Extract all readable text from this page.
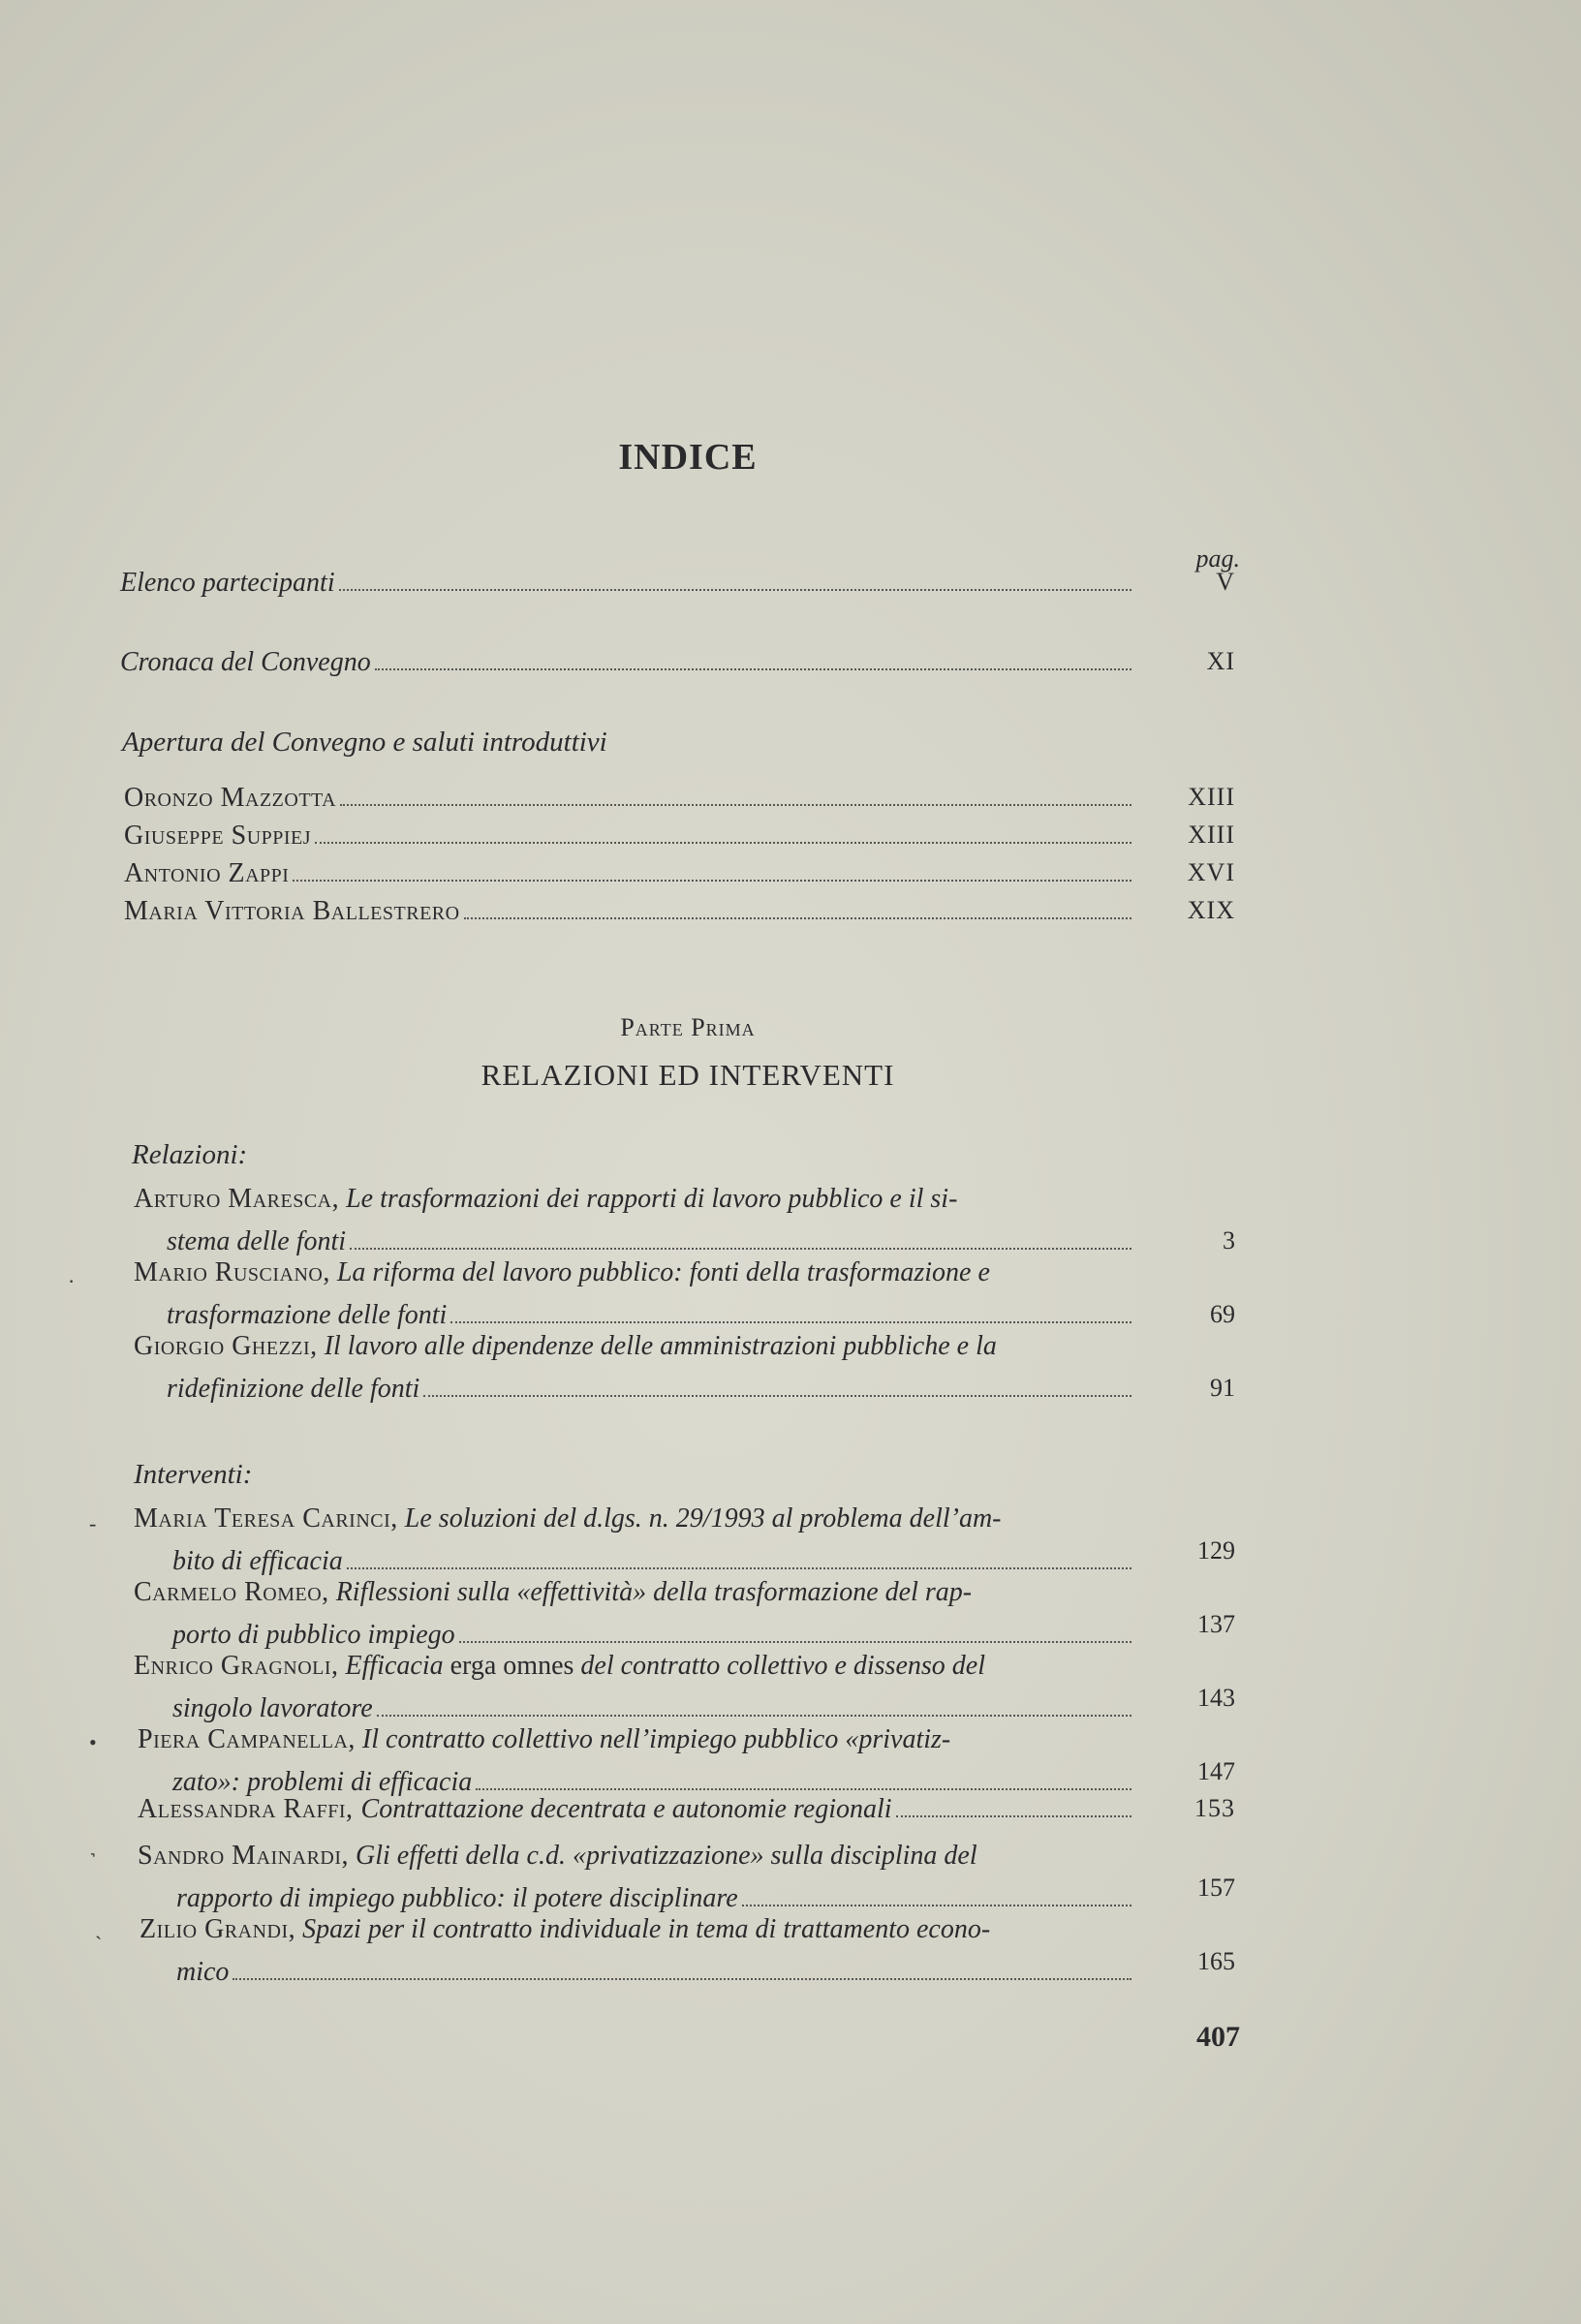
INDICE
pag.
Elenco partecipanti	V
Cronaca del Convegno	XI
Apertura del Convegno e saluti introduttivi
Oronzo Mazzotta	XIII
Giuseppe Suppiej	XIII
Antonio Zappi	XVI
Maria Vittoria Ballestrero	XIX
Parte Prima
RELAZIONI ED INTERVENTI
Relazioni:
Arturo Maresca, Le trasformazioni dei rapporti di lavoro pubblico e il si-
stema delle fonti	3
· Mario Rusciano, La riforma del lavoro pubblico: fonti della trasformazione e
trasformazione delle fonti	69
Giorgio Ghezzi, Il lavoro alle dipendenze delle amministrazioni pubbliche e la
ridefinizione delle fonti	91
Interventi:
- Maria Teresa Carinci, Le soluzioni del d.lgs. n. 29/1993 al problema dell’am-
bito di efficacia	129
Carmelo Romeo, Riflessioni sulla «effettività» della trasformazione del rap-
porto di pubblico impiego	137
Enrico Gragnoli, Efficacia erga omnes del contratto collettivo e dissenso del
singolo lavoratore	143
• Piera Campanella, Il contratto collettivo nell’impiego pubblico «privatiz-
zato»: problemi di efficacia	147
Alessandra Raffi, Contrattazione decentrata e autonomie regionali	153
˺ Sandro Mainardi, Gli effetti della c.d. «privatizzazione» sulla disciplina del
rapporto di impiego pubblico: il potere disciplinare	157
˴ Zilio Grandi, Spazi per il contratto individuale in tema di trattamento econo-
mico	165
407
